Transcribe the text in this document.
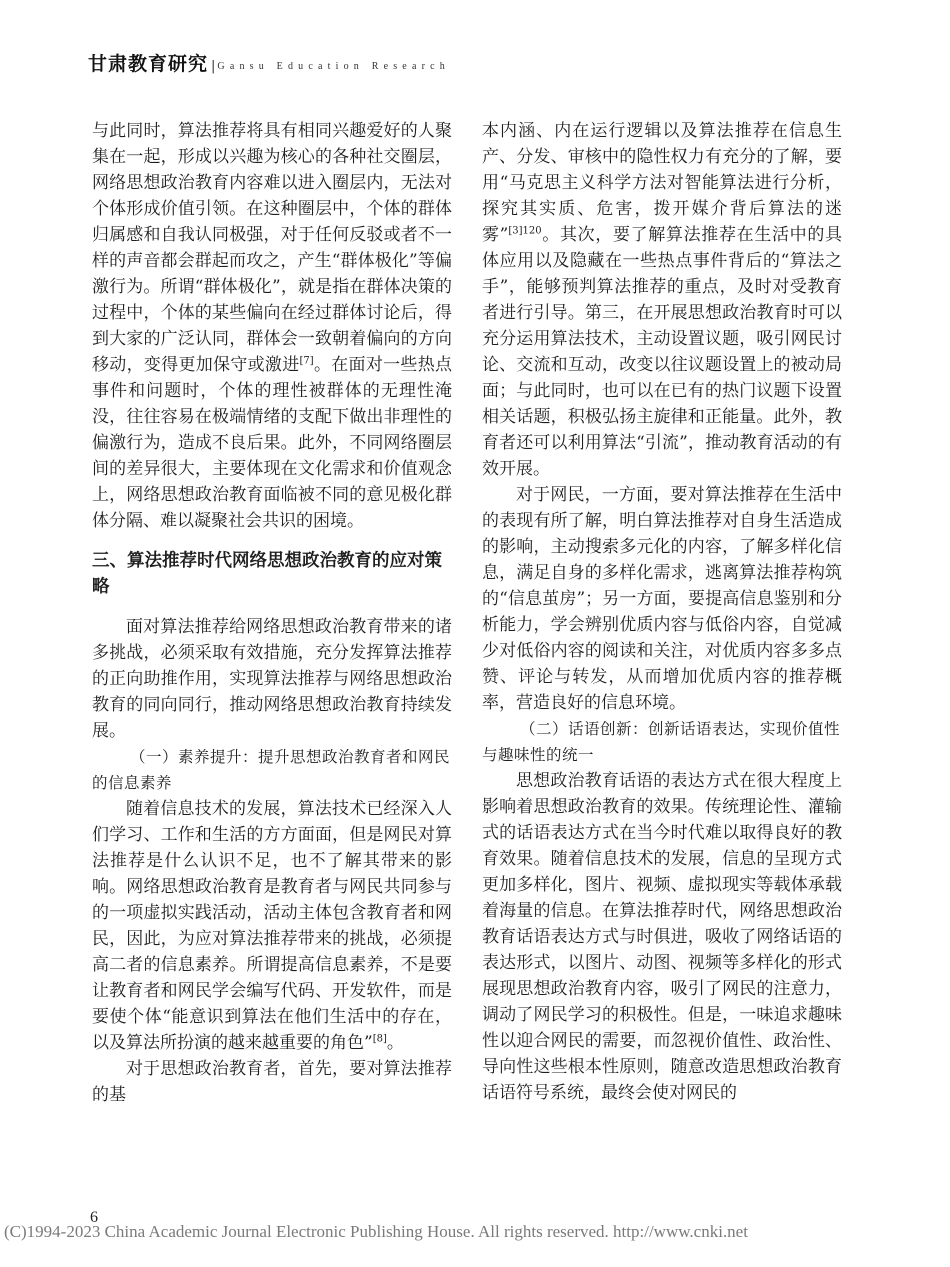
甘肃教育研究 | Gansu Education Research

与此同时，算法推荐将具有相同兴趣爱好的人聚集在一起，形成以兴趣为核心的各种社交圈层，网络思想政治教育内容难以进入圈层内，无法对个体形成价值引领。在这种圈层中，个体的群体归属感和自我认同极强，对于任何反驳或者不一样的声音都会群起而攻之，产生“群体极化”等偏激行为。所谓“群体极化”，就是指在群体决策的过程中，个体的某些偏向在经过群体讨论后，得到大家的广泛认同，群体会一致朝着偏向的方向移动，变得更加保守或激进[7]。在面对一些热点事件和问题时，个体的理性被群体的无理性淹没，往往容易在极端情绪的支配下做出非理性的偏激行为，造成不良后果。此外，不同网络圈层间的差异很大，主要体现在文化需求和价值观念上，网络思想政治教育面临被不同的意见极化群体分隔、难以凝聚社会共识的困境。

三、算法推荐时代网络思想政治教育的应对策略

面对算法推荐给网络思想政治教育带来的诸多挑战，必须采取有效措施，充分发挥算法推荐的正向助推作用，实现算法推荐与网络思想政治教育的同向同行，推动网络思想政治教育持续发展。

（一）素养提升：提升思想政治教育者和网民的信息素养

随着信息技术的发展，算法技术已经深入人们学习、工作和生活的方方面面，但是网民对算法推荐是什么认识不足，也不了解其带来的影响。网络思想政治教育是教育者与网民共同参与的一项虚拟实践活动，活动主体包含教育者和网民，因此，为应对算法推荐带来的挑战，必须提高二者的信息素养。所谓提高信息素养，不是要让教育者和网民学会编写代码、开发软件，而是要使个体“能意识到算法在他们生活中的存在，以及算法所扮演的越来越重要的角色”[8]。

对于思想政治教育者，首先，要对算法推荐的基

本内涵、内在运行逻辑以及算法推荐在信息生产、分发、审核中的隐性权力有充分的了解，要用“马克思主义科学方法对智能算法进行分析，探究其实质、危害，拨开媒介背后算法的迷雾”$^{[3]120}$。其次，要了解算法推荐在生活中的具体应用以及隐藏在一些热点事件背后的“算法之手”，能够预判算法推荐的重点，及时对受教育者进行引导。第三，在开展思想政治教育时可以充分运用算法技术，主动设置议题，吸引网民讨论、交流和互动，改变以往议题设置上的被动局面；与此同时，也可以在已有的热门议题下设置相关话题，积极弘扬主旋律和正能量。此外，教育者还可以利用算法“引流”，推动教育活动的有效开展。

对于网民，一方面，要对算法推荐在生活中的表现有所了解，明白算法推荐对自身生活造成的影响，主动搜索多元化的内容，了解多样化信息，满足自身的多样化需求，逃离算法推荐构筑的“信息茧房”；另一方面，要提高信息鉴别和分析能力，学会辨别优质内容与低俗内容，自觉减少对低俗内容的阅读和关注，对优质内容多多点赞、评论与转发，从而增加优质内容的推荐概率，营造良好的信息环境。

（二）话语创新：创新话语表达，实现价值性与趣味性的统一

思想政治教育话语的表达方式在很大程度上影响着思想政治教育的效果。传统理论性、灌输式的话语表达方式在当今时代难以取得良好的教育效果。随着信息技术的发展，信息的呈现方式更加多样化，图片、视频、虚拟现实等载体承载着海量的信息。在算法推荐时代，网络思想政治教育话语表达方式与时俱进，吸收了网络话语的表达形式，以图片、动图、视频等多样化的形式展现思想政治教育内容，吸引了网民的注意力，调动了网民学习的积极性。但是，一味追求趣味性以迎合网民的需要，而忽视价值性、政治性、导向性这些根本性原则，随意改造思想政治教育话语符号系统，最终会使对网民的

6
(C)1994-2023 China Academic Journal Electronic Publishing House. All rights reserved. http://www.cnki.net
